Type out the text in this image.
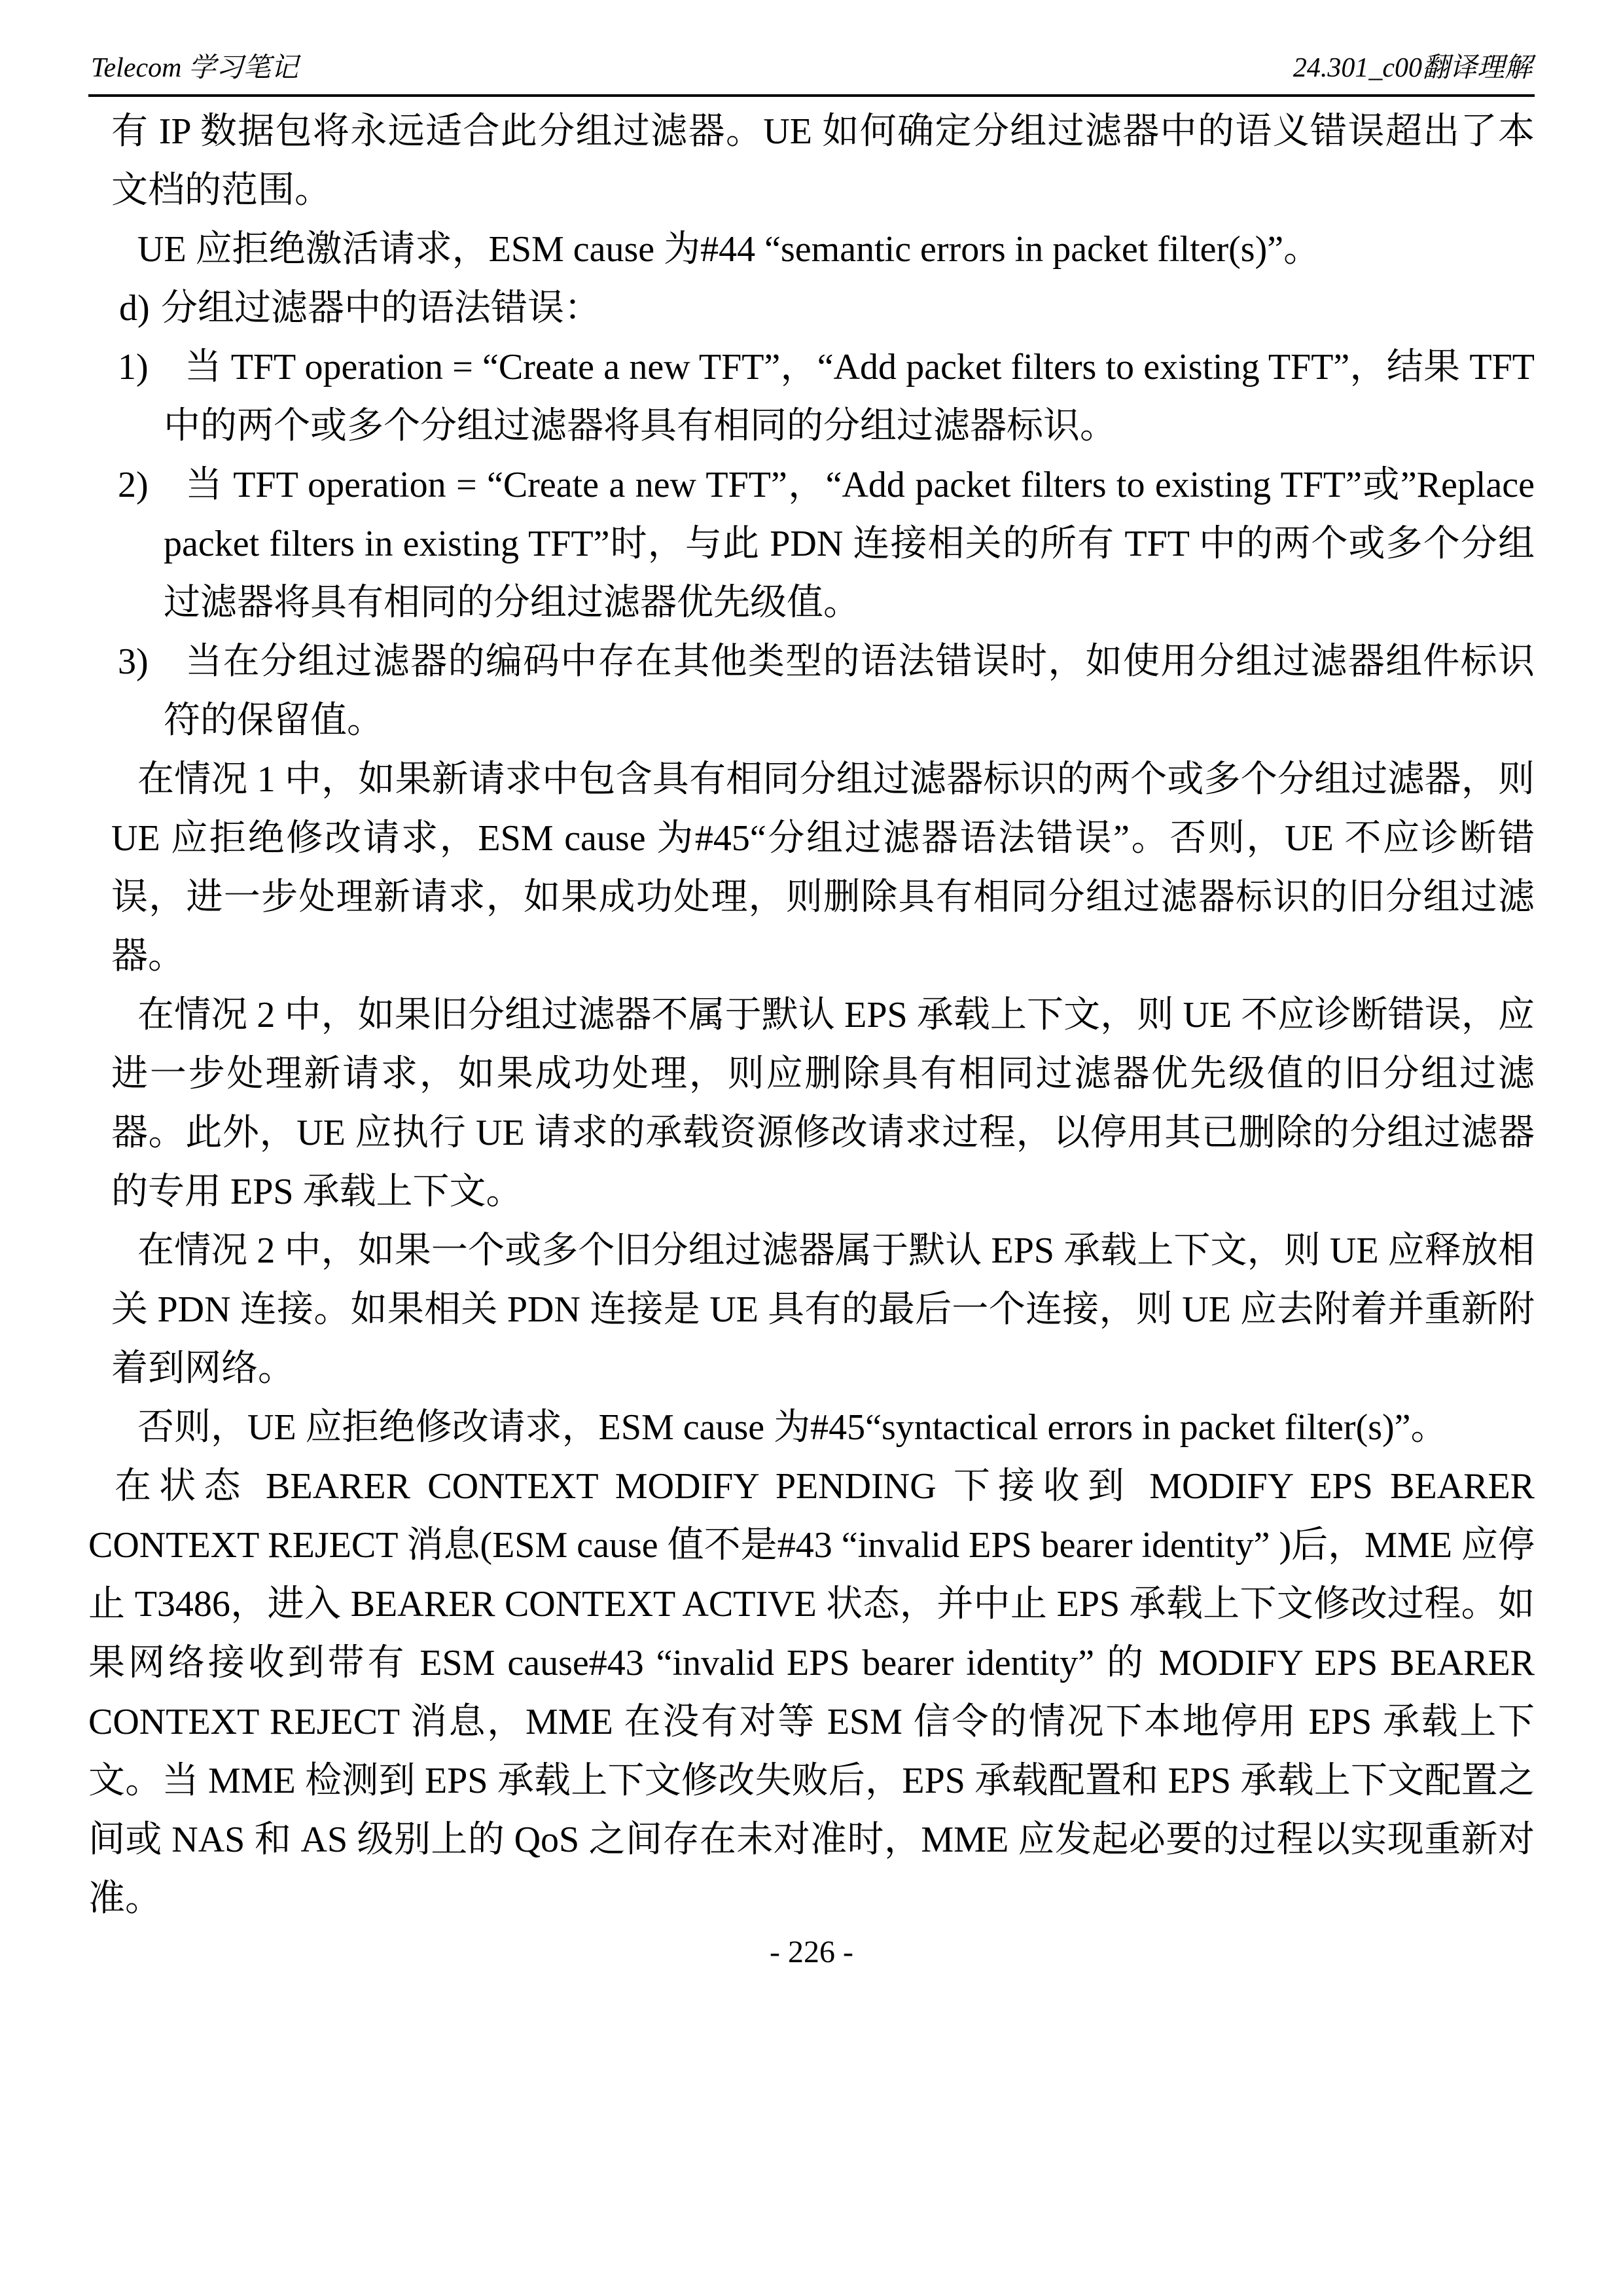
Telecom 学习笔记	24.301_c00翻译理解

有 IP 数据包将永远适合此分组过滤器。UE 如何确定分组过滤器中的语义错误超出了本文档的范围。

UE 应拒绝激活请求，ESM cause 为#44 “semantic errors in packet filter(s)”。

d) 分组过滤器中的语法错误：

1) 当 TFT operation = “Create a new TFT”，“Add packet filters to existing TFT”，结果 TFT 中的两个或多个分组过滤器将具有相同的分组过滤器标识。

2) 当 TFT operation = “Create a new TFT”，“Add packet filters to existing TFT”或”Replace packet filters in existing TFT”时，与此 PDN 连接相关的所有 TFT 中的两个或多个分组过滤器将具有相同的分组过滤器优先级值。

3) 当在分组过滤器的编码中存在其他类型的语法错误时，如使用分组过滤器组件标识符的保留值。

在情况 1 中，如果新请求中包含具有相同分组过滤器标识的两个或多个分组过滤器，则 UE 应拒绝修改请求，ESM cause 为#45“分组过滤器语法错误”。否则，UE 不应诊断错误，进一步处理新请求，如果成功处理，则删除具有相同分组过滤器标识的旧分组过滤器。

在情况 2 中，如果旧分组过滤器不属于默认 EPS 承载上下文，则 UE 不应诊断错误，应进一步处理新请求，如果成功处理，则应删除具有相同过滤器优先级值的旧分组过滤器。此外，UE 应执行 UE 请求的承载资源修改请求过程，以停用其已删除的分组过滤器的专用 EPS 承载上下文。

在情况 2 中，如果一个或多个旧分组过滤器属于默认 EPS 承载上下文，则 UE 应释放相关 PDN 连接。如果相关 PDN 连接是 UE 具有的最后一个连接，则 UE 应去附着并重新附着到网络。

否则，UE 应拒绝修改请求，ESM cause 为#45“syntactical errors in packet filter(s)”。

在状态 BEARER CONTEXT MODIFY PENDING 下接收到 MODIFY EPS BEARER CONTEXT REJECT 消息(ESM cause 值不是#43 “invalid EPS bearer identity” )后，MME 应停止 T3486，进入 BEARER CONTEXT ACTIVE 状态，并中止 EPS 承载上下文修改过程。如果网络接收到带有 ESM cause#43 “invalid EPS bearer identity” 的 MODIFY EPS BEARER CONTEXT REJECT 消息，MME 在没有对等 ESM 信令的情况下本地停用 EPS 承载上下文。当 MME 检测到 EPS 承载上下文修改失败后，EPS 承载配置和 EPS 承载上下文配置之间或 NAS 和 AS 级别上的 QoS 之间存在未对准时，MME 应发起必要的过程以实现重新对准。

- 226 -
